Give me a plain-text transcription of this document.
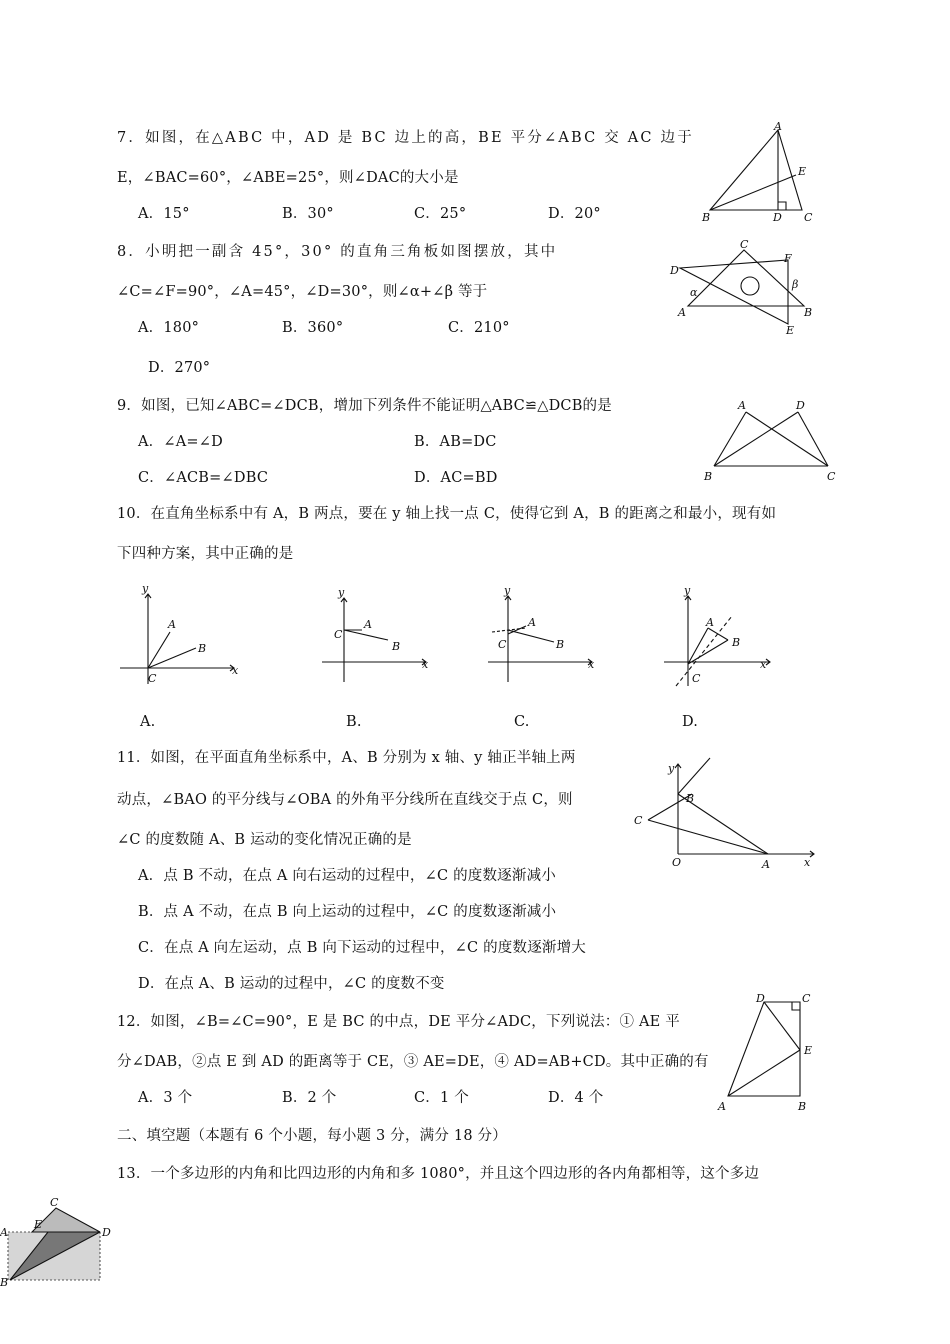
7．如图，在△ABC 中，AD 是 BC 边上的高，BE 平分∠ABC 交 AC 边于
E，∠BAC=60°，∠ABE=25°，则∠DAC的大小是
A．15°	B．30°	C．25°	D．20°
A
B	C
D
E
8．小明把一副含 45°，30° 的直角三角板如图摆放，其中
∠C=∠F=90°，∠A=45°，∠D=30°，则∠α+∠β 等于
A．180°	B．360°	C．210°
D．270°
C
D
F
A	B
E
α
β
9．如图，已知∠ABC=∠DCB，增加下列条件不能证明△ABC≌△DCB的是
A．∠A=∠D	B．AB=DC
C．∠ACB=∠DBC	D．AC=BD
A	D
B	C
10．在直角坐标系中有 A，B 两点，要在 y 轴上找一点 C，使得它到 A，B 的距离之和最小，现有如
下四种方案，其中正确的是
y
x
A
B
C
y
x
A
B
C
y
x
A
B
C
y
x
A
B
C
A.	B.	C.	D.
11．如图，在平面直角坐标系中，A、B 分别为 x 轴、y 轴正半轴上两
动点，∠BAO 的平分线与∠OBA 的外角平分线所在直线交于点 C，则
∠C 的度数随 A、B 运动的变化情况正确的是
A．点 B 不动，在点 A 向右运动的过程中，∠C 的度数逐渐减小
B．点 A 不动，在点 B 向上运动的过程中，∠C 的度数逐渐减小
C．在点 A 向左运动，点 B 向下运动的过程中，∠C 的度数逐渐增大
D．在点 A、B 运动的过程中，∠C 的度数不变
y
x
O	A
B
C
12．如图，∠B=∠C=90°，E 是 BC 的中点，DE 平分∠ADC，下列说法：① AE 平
分∠DAB，②点 E 到 AD 的距离等于 CE，③ AE=DE，④ AD=AB+CD。其中正确的有
A．3 个	B．2 个	C．1 个	D．4 个
D	C
E
A	B
二、填空题（本题有 6 个小题，每小题 3 分，满分 18 分）
13．一个多边形的内角和比四边形的内角和多 1080°，并且这个四边形的各内角都相等，这个多边
C
E
D
A
B
